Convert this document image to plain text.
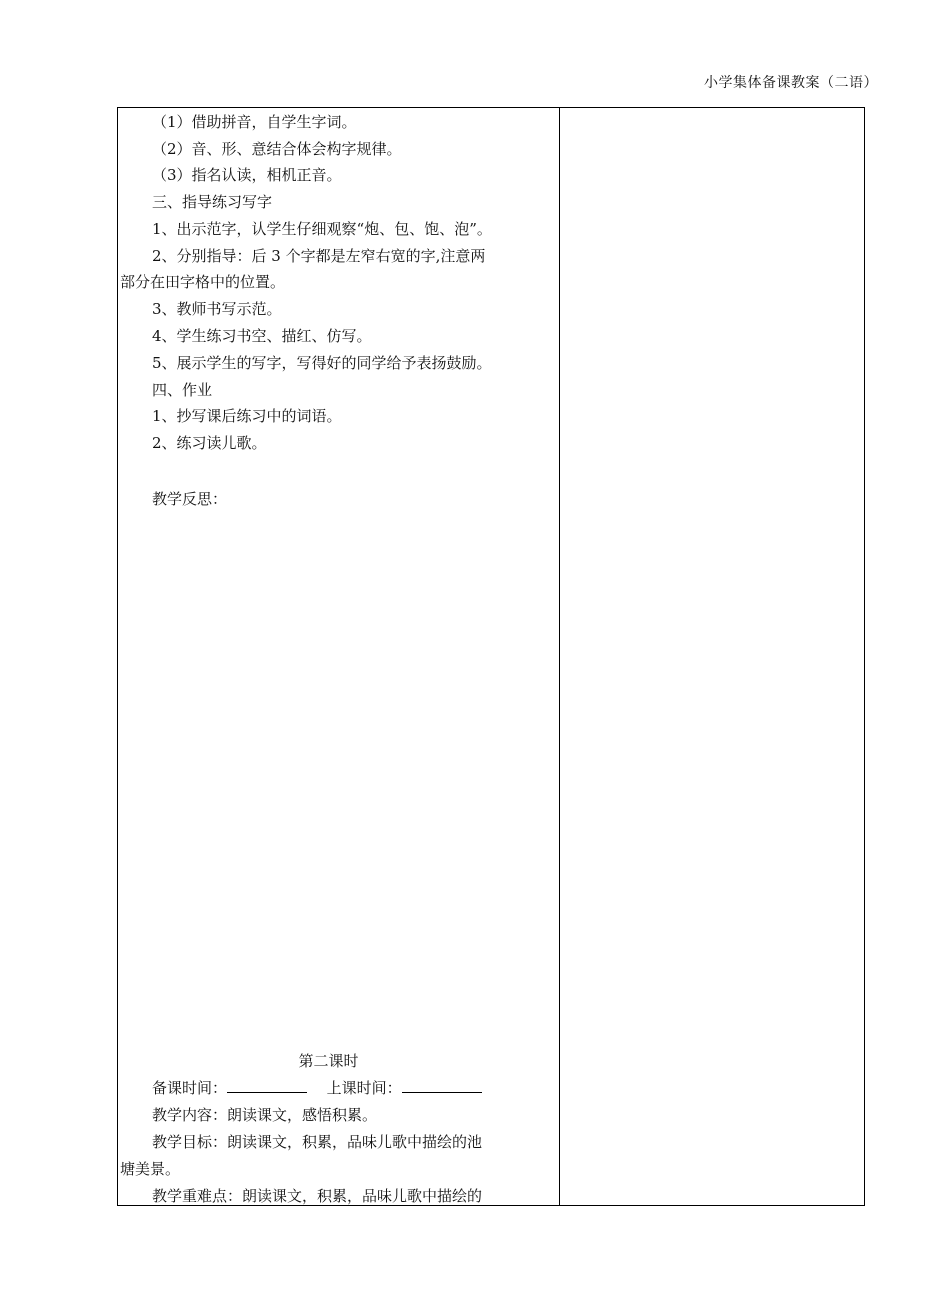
小学集体备课教案（二语）
（1）借助拼音，自学生字词。
（2）音、形、意结合体会构字规律。
（3）指名认读，相机正音。
三、指导练习写字
1、出示范字，认学生仔细观察“炮、包、饱、泡”。
2、分别指导：后 3 个字都是左窄右宽的字,注意两
部分在田字格中的位置。
3、教师书写示范。
4、学生练习书空、描红、仿写。
5、展示学生的写字，写得好的同学给予表扬鼓励。
四、作业
1、抄写课后练习中的词语。
2、练习读儿歌。
教学反思：
第二课时
备课时间：	上课时间：
教学内容：朗读课文，感悟积累。
教学目标：朗读课文，积累，品味儿歌中描绘的池
塘美景。
教学重难点：朗读课文，积累，品味儿歌中描绘的
